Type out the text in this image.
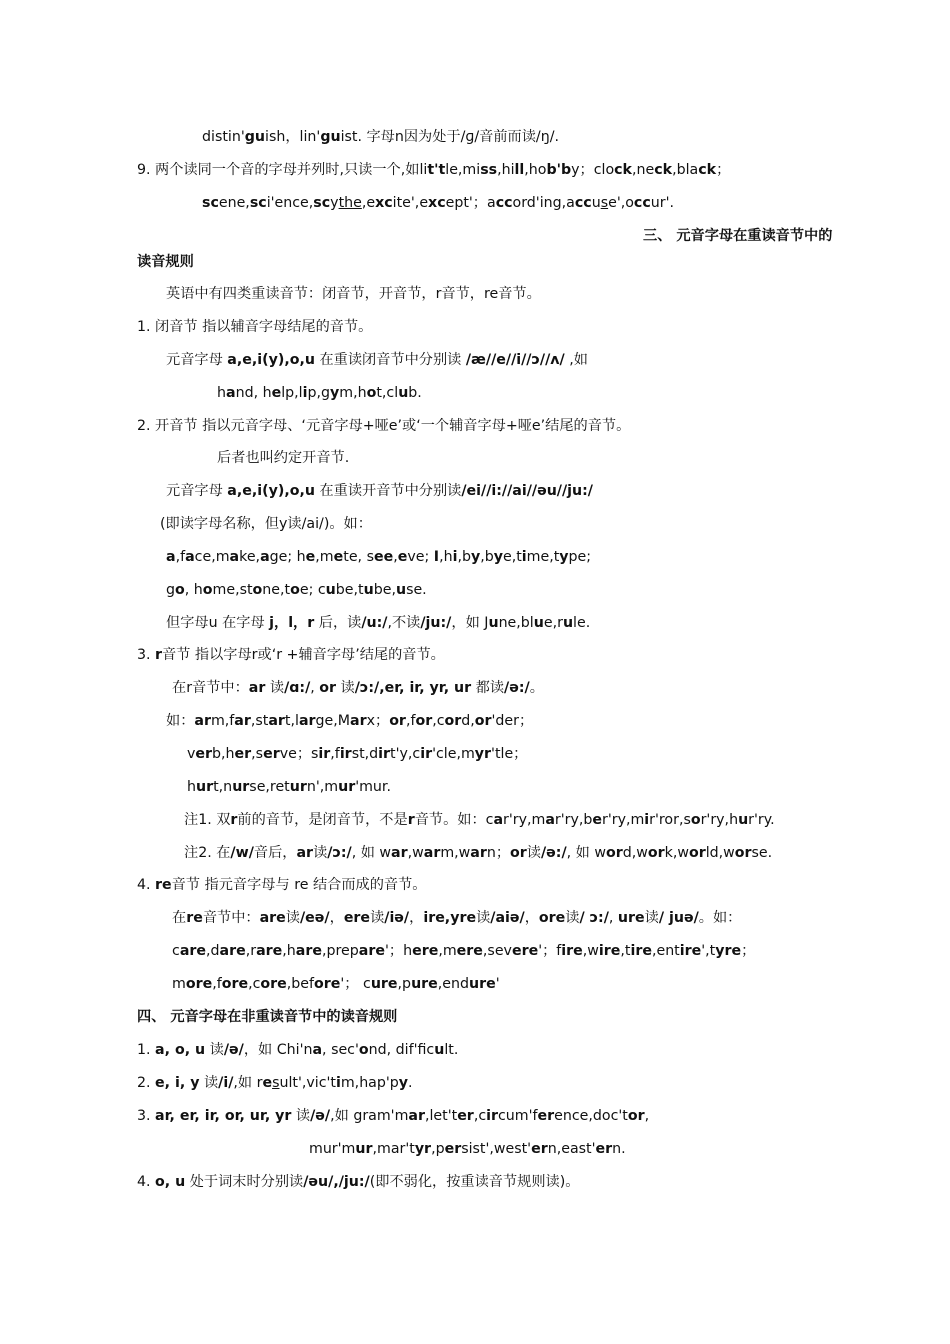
distin'guish，lin'guist. 字母n因为处于/ɡ/音前而读/ŋ/.
9. 两个读同一个音的字母并列时,只读一个,如lit'tle,miss,hill,hob'by；clock,neck,black；
scene,sci'ence,scythe,excite',except'；accord'ing,accuse',occur'.
三、 元音字母在重读音节中的
读音规则
英语中有四类重读音节：闭音节，开音节，r音节，re音节。
1. 闭音节 指以辅音字母结尾的音节。
元音字母 a,e,i(y),o,u 在重读闭音节中分别读 /æ//e//i//ɔ//ʌ/ ,如
hand, help,lip,gym,hot,club.
2. 开音节 指以元音字母、‘元音字母+哑e’或‘一个辅音字母+哑e’结尾的音节。
后者也叫约定开音节.
元音字母 a,e,i(y),o,u 在重读开音节中分别读/ei//i://ai//əu//ju:/
(即读字母名称，但y读/ai/)。如：
a,face,make,age; he,mete, see,eve; I,hi,by,bye,time,type;
go, home,stone,toe; cube,tube,use.
但字母u 在字母 j，l，r 后，读/u:/,不读/ju:/，如 June,blue,rule.
3. r音节 指以字母r或‘r +辅音字母’结尾的音节。
在r音节中：ar 读/ɑ:/, or 读/ɔ:/,er, ir, yr, ur 都读/ə:/。
如：arm,far,start,large,Marx；or,for,cord,or'der；
verb,her,serve；sir,first,dirt'y,cir'cle,myr'tle；
hurt,nurse,return',mur'mur.
注1. 双r前的音节，是闭音节，不是r音节。如：car'ry,mar'ry,ber'ry,mir'ror,sor'ry,hur'ry.
注2. 在/w/音后，ar读/ɔ:/, 如 war,warm,warn；or读/ə:/, 如 word,work,world,worse.
4. re音节 指元音字母与 re 结合而成的音节。
在re音节中：are读/eə/，ere读/iə/，ire,yre读/aiə/，ore读/ ɔ:/, ure读/ juə/。如：
care,dare,rare,hare,prepare'；here,mere,severe'；fire,wire,tire,entire',tyre；
more,fore,core,before'； cure,pure,endure'
四、 元音字母在非重读音节中的读音规则
1. a, o, u 读/ə/，如 Chi'na, sec'ond, dif'ficult.
2. e, i, y 读/i/,如 result',vic'tim,hap'py.
3. ar, er, ir, or, ur, yr 读/ə/,如 gram'mar,let'ter,circum'ference,doc'tor,
mur'mur,mar'tyr,persist',west'ern,east'ern.
4. o, u 处于词末时分别读/əu/,/ju:/(即不弱化，按重读音节规则读)。
